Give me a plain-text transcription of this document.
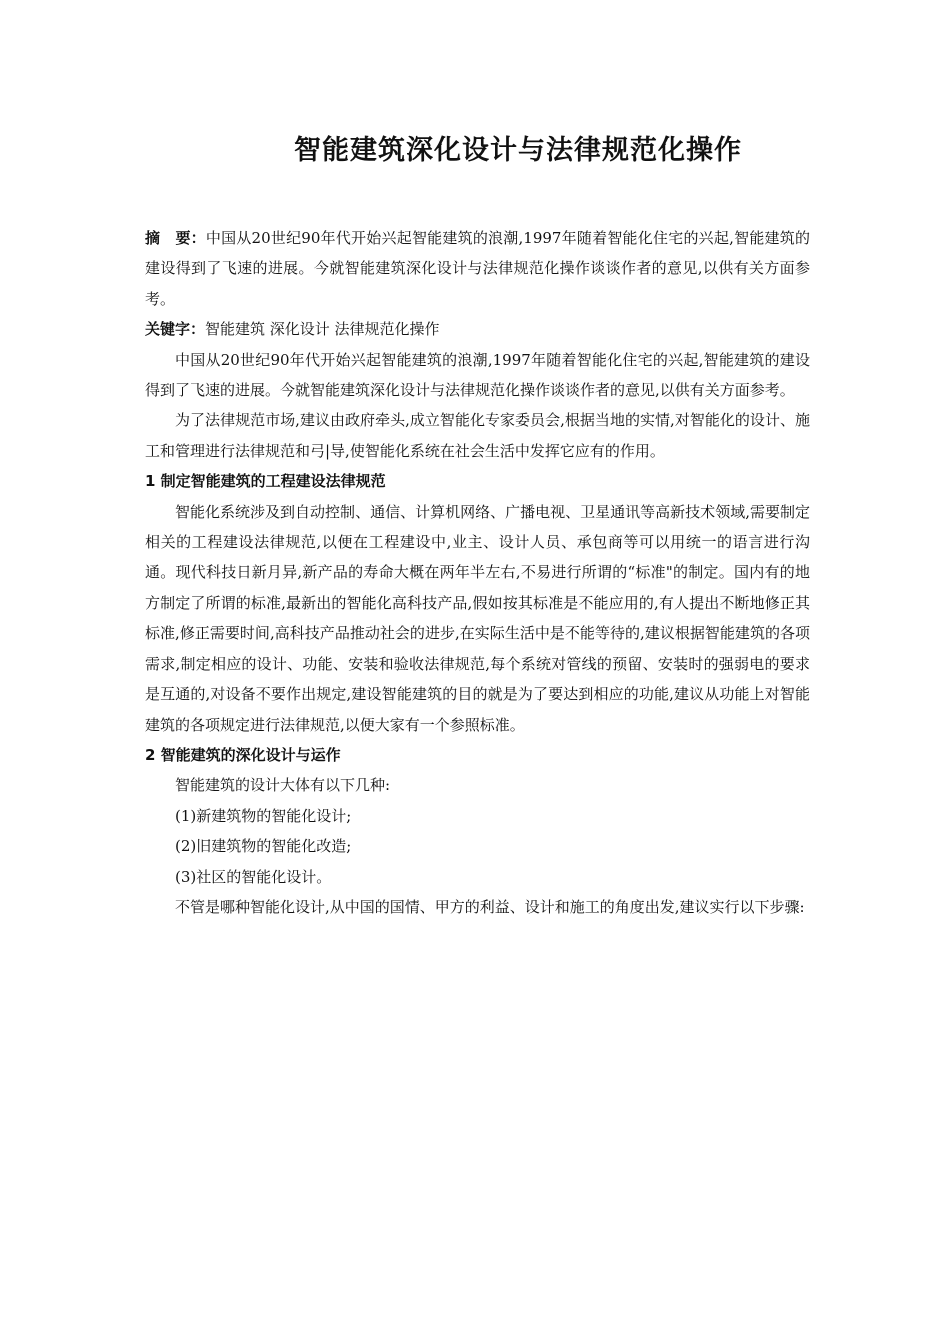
智能建筑深化设计与法律规范化操作

摘　要：中国从20世纪90年代开始兴起智能建筑的浪潮,1997年随着智能化住宅的兴起,智能建筑的建设得到了飞速的进展。今就智能建筑深化设计与法律规范化操作谈谈作者的意见,以供有关方面参考。

关键字：智能建筑 深化设计 法律规范化操作

中国从20世纪90年代开始兴起智能建筑的浪潮,1997年随着智能化住宅的兴起,智能建筑的建设得到了飞速的进展。今就智能建筑深化设计与法律规范化操作谈谈作者的意见,以供有关方面参考。

为了法律规范市场,建议由政府牵头,成立智能化专家委员会,根据当地的实情,对智能化的设计、施工和管理进行法律规范和弓|导,使智能化系统在社会生活中发挥它应有的作用。

1 制定智能建筑的工程建设法律规范

智能化系统涉及到自动控制、通信、计算机网络、广播电视、卫星通讯等高新技术领域,需要制定相关的工程建设法律规范,以便在工程建设中,业主、设计人员、承包商等可以用统一的语言进行沟通。现代科技日新月异,新产品的寿命大概在两年半左右,不易进行所谓的“标准"的制定。国内有的地方制定了所谓的标准,最新出的智能化高科技产品,假如按其标准是不能应用的,有人提出不断地修正其标准,修正需要时间,高科技产品推动社会的进步,在实际生活中是不能等待的,建议根据智能建筑的各项需求,制定相应的设计、功能、安装和验收法律规范,每个系统对管线的预留、安装时的强弱电的要求是互通的,对设备不要作出规定,建设智能建筑的目的就是为了要达到相应的功能,建议从功能上对智能建筑的各项规定进行法律规范,以便大家有一个参照标准。

2 智能建筑的深化设计与运作

智能建筑的设计大体有以下几种:

(1)新建筑物的智能化设计;

(2)旧建筑物的智能化改造;

(3)社区的智能化设计。

不管是哪种智能化设计,从中国的国情、甲方的利益、设计和施工的角度出发,建议实行以下步骤:
